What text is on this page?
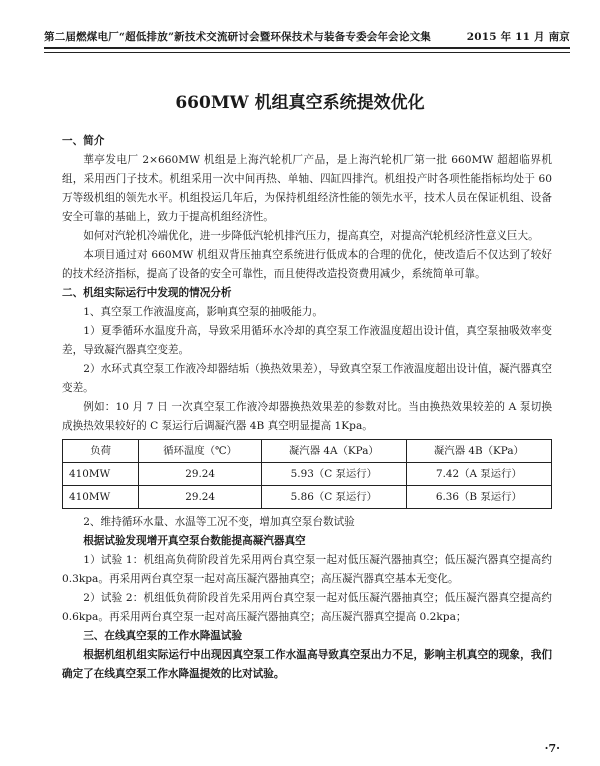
第二届燃煤电厂“超低排放”新技术交流研讨会暨环保技术与装备专委会年会论文集	2015 年 11 月 南京
660MW 机组真空系统提效优化

一、简介

華亭发电厂 2×660MW 机组是上海汽轮机厂产品，是上海汽轮机厂第一批 660MW 超超临界机组，采用西门子技术。机组采用一次中间再热、单轴、四缸四排汽。机组投产时各项性能指标均处于 60 万等级机组的领先水平。机组投运几年后，为保持机组经济性能的领先水平，技术人员在保证机组、设备安全可靠的基础上，致力于提高机组经济性。

如何对汽轮机冷端优化，进一步降低汽轮机排汽压力，提高真空，对提高汽轮机经济性意义巨大。

本项目通过对 660MW 机组双背压抽真空系统进行低成本的合理的优化，使改造后不仅达到了较好的技术经济指标，提高了设备的安全可靠性，而且使得改造投资费用减少，系统简单可靠。

二、机组实际运行中发现的情况分析

1、真空泵工作液温度高，影响真空泵的抽吸能力。

1）夏季循环水温度升高，导致采用循环水冷却的真空泵工作液温度超出设计值，真空泵抽吸效率变差，导致凝汽器真空变差。

2）水环式真空泵工作液冷却器结垢（换热效果差），导致真空泵工作液温度超出设计值，凝汽器真空变差。

例如：10 月 7 日 一次真空泵工作液冷却器换热效果差的参数对比。当由换热效果较差的 A 泵切换成换热效果较好的 C 泵运行后调凝汽器 4B 真空明显提高 1Kpa。

负荷	循环温度（℃）	凝汽器 4A（KPa）	凝汽器 4B（KPa）
410MW	29.24	5.93（C 泵运行）	7.42（A 泵运行）
410MW	29.24	5.86（C 泵运行）	6.36（B 泵运行）

2、维持循环水量、水温等工况不变，增加真空泵台数试验

根据试验发现增开真空泵台数能提高凝汽器真空

1）试验 1：机组高负荷阶段首先采用两台真空泵一起对低压凝汽器抽真空；低压凝汽器真空提高约 0.3kpa。再采用两台真空泵一起对高压凝汽器抽真空；高压凝汽器真空基本无变化。

2）试验 2：机组低负荷阶段首先采用两台真空泵一起对低压凝汽器抽真空；低压凝汽器真空提高约 0.6kpa。再采用两台真空泵一起对高压凝汽器抽真空；高压凝汽器真空提高 0.2kpa；

三、在线真空泵的工作水降温试验

根据机组机组实际运行中出现因真空泵工作水温高导致真空泵出力不足，影响主机真空的现象，我们确定了在线真空泵工作水降温提效的比对试验。

·7·
